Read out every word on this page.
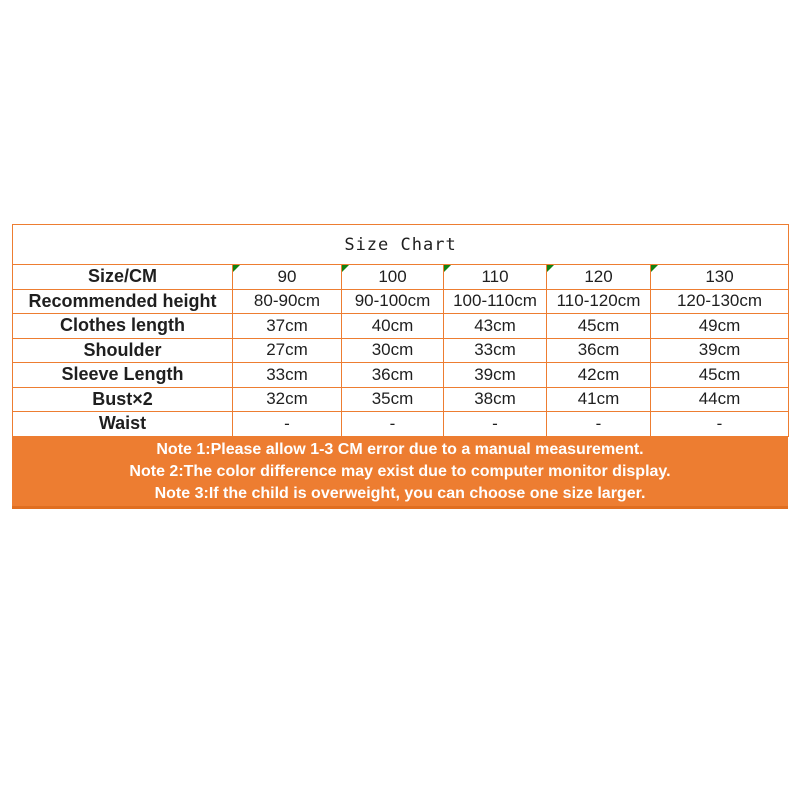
Size Chart					
Size/CM	90	100	110	120	130
Recommended height	80-90cm	90-100cm	100-110cm	110-120cm	120-130cm
Clothes length	37cm	40cm	43cm	45cm	49cm
Shoulder	27cm	30cm	33cm	36cm	39cm
Sleeve Length	33cm	36cm	39cm	42cm	45cm
Bust×2	32cm	35cm	38cm	41cm	44cm
Waist	-	-	-	-	-
Note 1:Please allow 1-3 CM error due to a manual measurement.
Note 2:The color difference may exist due to computer monitor display.
Note 3:If the child is overweight, you can choose one size larger.
